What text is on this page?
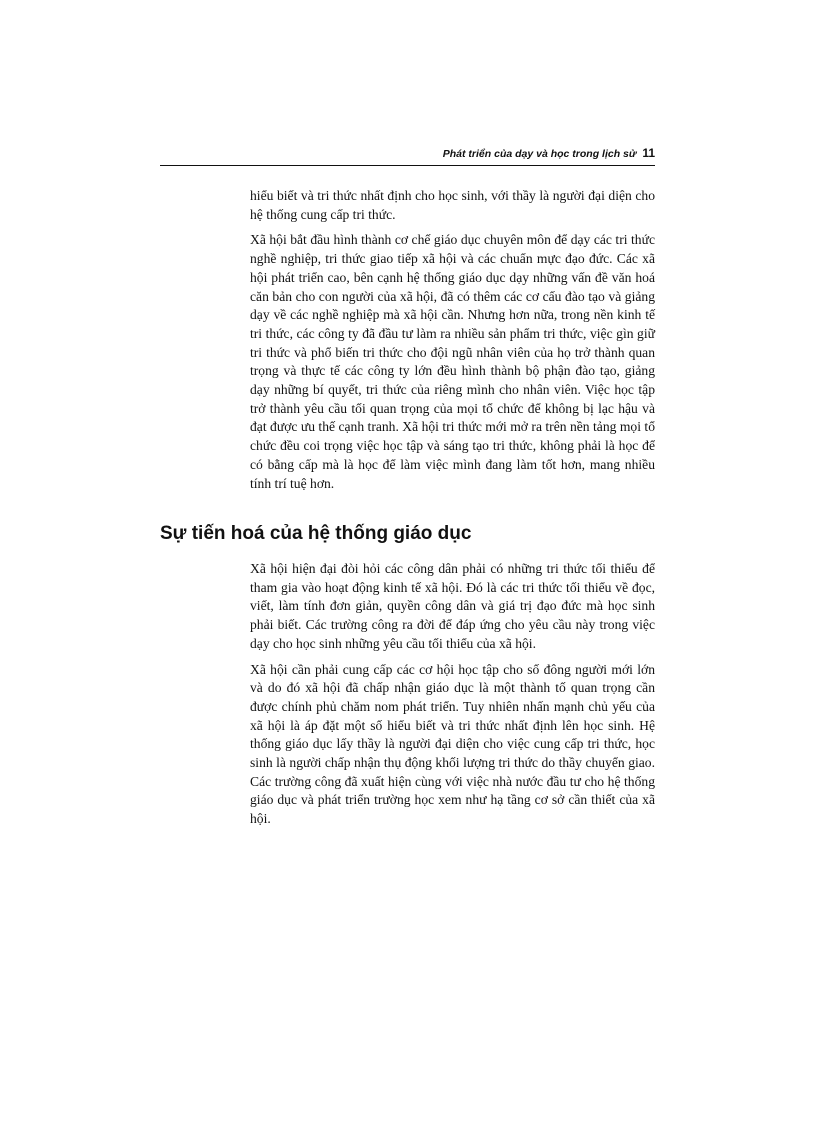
Phát triển của dạy và học trong lịch sử 11

hiểu biết và tri thức nhất định cho học sinh, với thầy là người đại diện cho hệ thống cung cấp tri thức.

Xã hội bắt đầu hình thành cơ chế giáo dục chuyên môn để dạy các tri thức nghề nghiệp, tri thức giao tiếp xã hội và các chuẩn mực đạo đức. Các xã hội phát triển cao, bên cạnh hệ thống giáo dục dạy những vấn đề văn hoá căn bản cho con người của xã hội, đã có thêm các cơ cấu đào tạo và giảng dạy về các nghề nghiệp mà xã hội cần. Nhưng hơn nữa, trong nền kinh tế tri thức, các công ty đã đầu tư làm ra nhiều sản phẩm tri thức, việc gìn giữ tri thức và phổ biến tri thức cho đội ngũ nhân viên của họ trở thành quan trọng và thực tế các công ty lớn đều hình thành bộ phận đào tạo, giảng dạy những bí quyết, tri thức của riêng mình cho nhân viên. Việc học tập trở thành yêu cầu tối quan trọng của mọi tổ chức để không bị lạc hậu và đạt được ưu thế cạnh tranh. Xã hội tri thức mới mở ra trên nền tảng mọi tổ chức đều coi trọng việc học tập và sáng tạo tri thức, không phải là học để có bằng cấp mà là học để làm việc mình đang làm tốt hơn, mang nhiều tính trí tuệ hơn.

Sự tiến hoá của hệ thống giáo dục

Xã hội hiện đại đòi hỏi các công dân phải có những tri thức tối thiểu để tham gia vào hoạt động kinh tế xã hội. Đó là các tri thức tối thiểu về đọc, viết, làm tính đơn giản, quyền công dân và giá trị đạo đức mà học sinh phải biết. Các trường công ra đời để đáp ứng cho yêu cầu này trong việc dạy cho học sinh những yêu cầu tối thiểu của xã hội.

Xã hội cần phải cung cấp các cơ hội học tập cho số đông người mới lớn và do đó xã hội đã chấp nhận giáo dục là một thành tố quan trọng cần được chính phủ chăm nom phát triển. Tuy nhiên nhấn mạnh chủ yếu của xã hội là áp đặt một số hiểu biết và tri thức nhất định lên học sinh. Hệ thống giáo dục lấy thầy là người đại diện cho việc cung cấp tri thức, học sinh là người chấp nhận thụ động khối lượng tri thức do thầy chuyển giao. Các trường công đã xuất hiện cùng với việc nhà nước đầu tư cho hệ thống giáo dục và phát triển trường học xem như hạ tầng cơ sở cần thiết của xã hội.
